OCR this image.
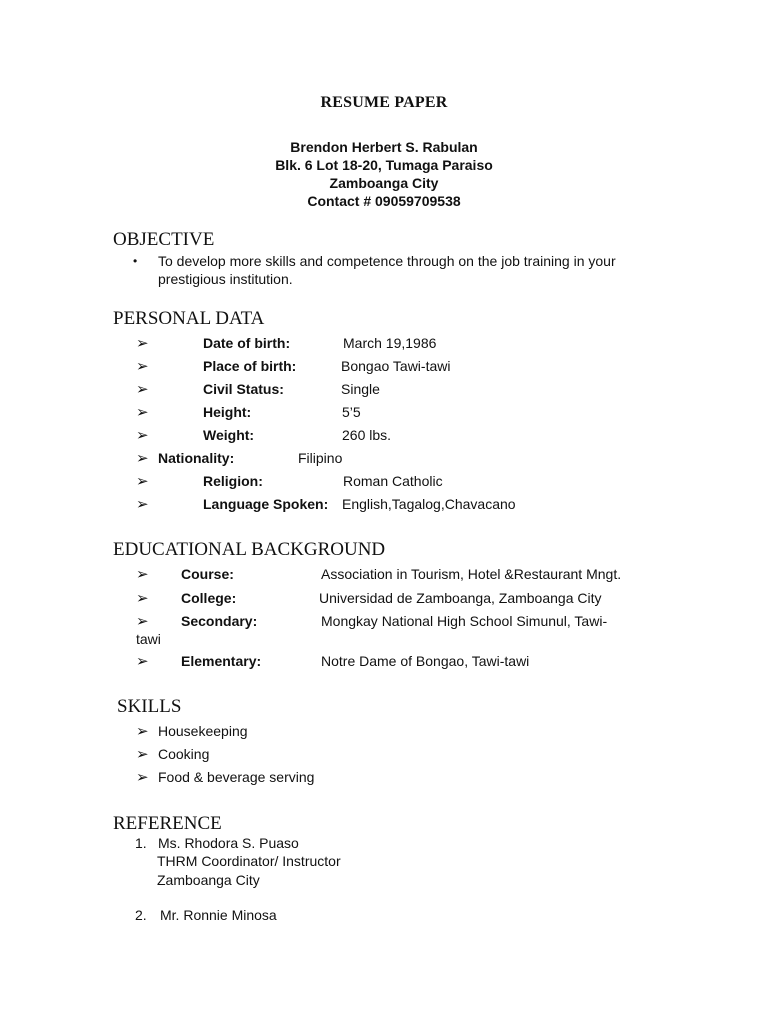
RESUME PAPER
Brendon Herbert S. Rabulan
Blk. 6 Lot 18-20, Tumaga Paraiso
Zamboanga City
Contact # 09059709538
OBJECTIVE
• To develop more skills and competence through on the job training in your
prestigious institution.
PERSONAL DATA
➢	Date of birth:	March 19,1986
➢	Place of birth:	Bongao Tawi-tawi
➢	Civil Status:	Single
➢	Height:	5’5
➢	Weight:	260 lbs.
➢ Nationality:	Filipino
➢	Religion:	Roman Catholic
➢	Language Spoken: English,Tagalog,Chavacano
EDUCATIONAL BACKGROUND
➢ Course:	Association in Tourism, Hotel &Restaurant Mngt.
➢ College:	Universidad de Zamboanga, Zamboanga City
➢ Secondary:	Mongkay National High School Simunul, Tawi-
tawi
➢ Elementary:	Notre Dame of Bongao, Tawi-tawi
SKILLS
➢ Housekeeping
➢ Cooking
➢ Food & beverage serving
REFERENCE
1. Ms. Rhodora S. Puaso
THRM Coordinator/ Instructor
Zamboanga City
2. Mr. Ronnie Minosa
